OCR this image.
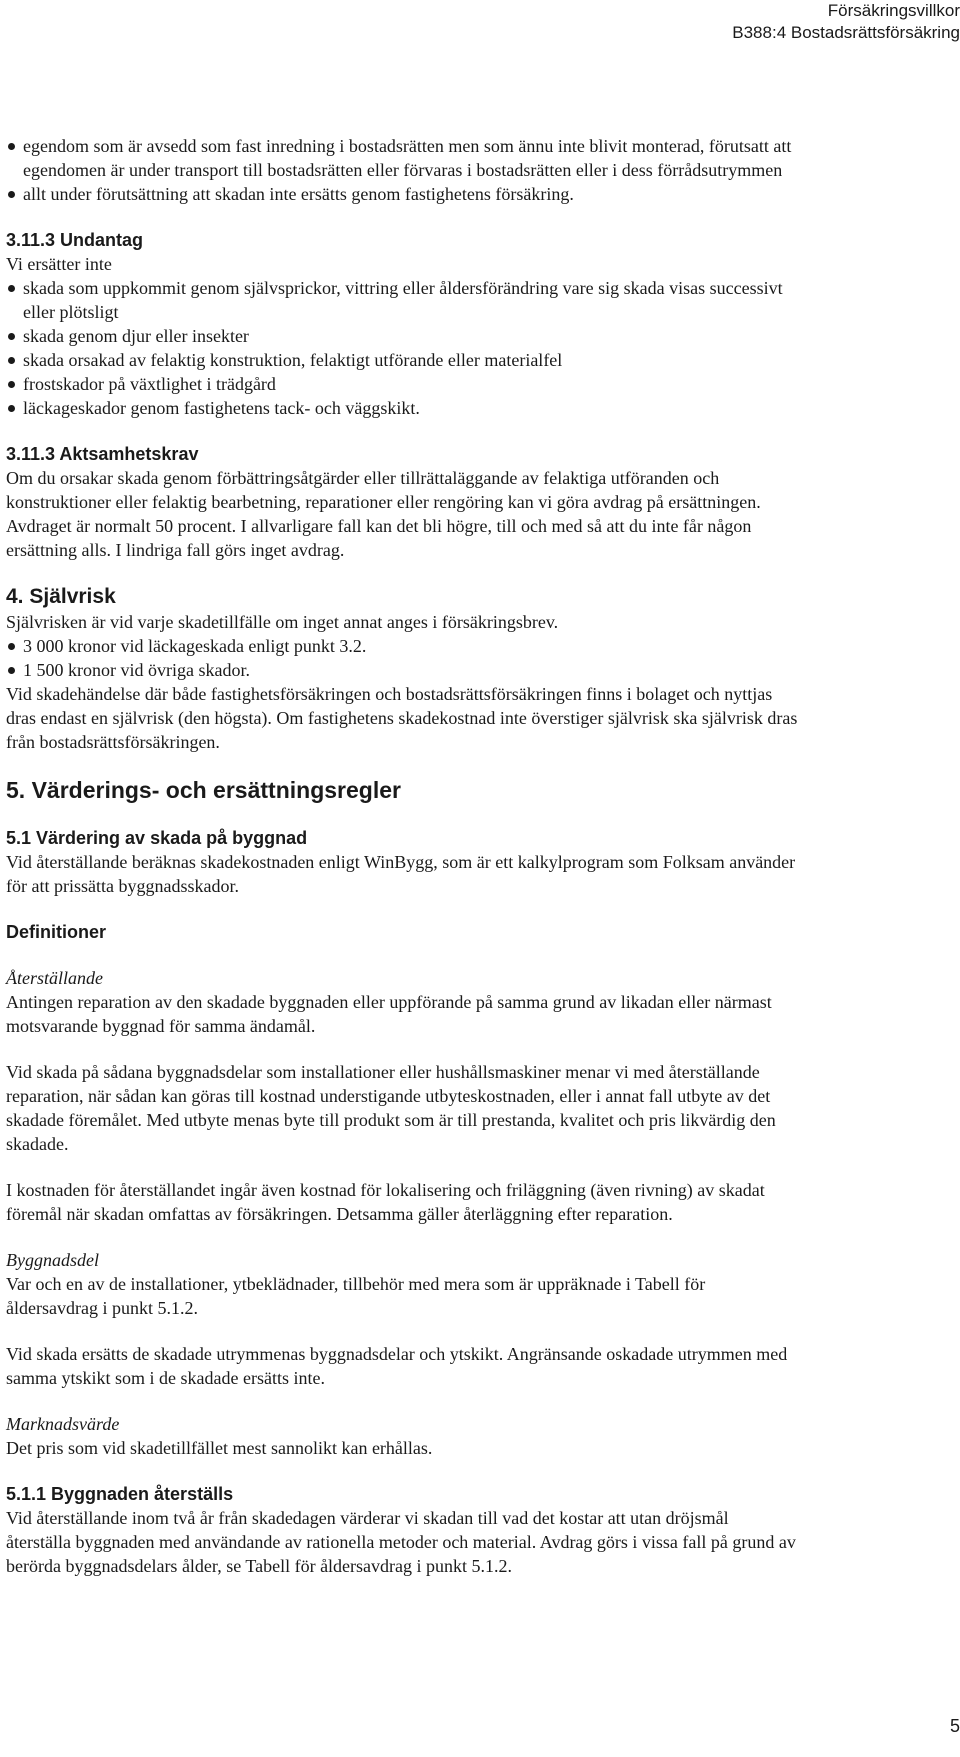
Försäkringsvillkor
B388:4 Bostadsrättsförsäkring

egendom som är avsedd som fast inredning i bostadsrätten men som ännu inte blivit monterad, förutsatt att egendomen är under transport till bostadsrätten eller förvaras i bostadsrätten eller i dess förrådsutrymmen

allt under förutsättning att skadan inte ersätts genom fastighetens försäkring.

3.11.3 Undantag

Vi ersätter inte

skada som uppkommit genom självsprickor, vittring eller åldersförändring vare sig skada visas successivt eller plötsligt

skada genom djur eller insekter

skada orsakad av felaktig konstruktion, felaktigt utförande eller materialfel

frostskador på växtlighet i trädgård

läckageskador genom fastighetens tack- och väggskikt.

3.11.3 Aktsamhetskrav

Om du orsakar skada genom förbättringsåtgärder eller tillrättaläggande av felaktiga utföranden och konstruktioner eller felaktig bearbetning, reparationer eller rengöring kan vi göra avdrag på ersättningen. Avdraget är normalt 50 procent. I allvarligare fall kan det bli högre, till och med så att du inte får någon ersättning alls. I lindriga fall görs inget avdrag.

4. Självrisk

Självrisken är vid varje skadetillfälle om inget annat anges i försäkringsbrev.

3 000 kronor vid läckageskada enligt punkt 3.2.

1 500 kronor vid övriga skador.

Vid skadehändelse där både fastighetsförsäkringen och bostadsrättsförsäkringen finns i bolaget och nyttjas dras endast en självrisk (den högsta). Om fastighetens skadekostnad inte överstiger självrisk ska självrisk dras från bostadsrättsförsäkringen.

5. Värderings- och ersättningsregler

5.1 Värdering av skada på byggnad

Vid återställande beräknas skadekostnaden enligt WinBygg, som är ett kalkylprogram som Folksam använder för att prissätta byggnadsskador.

Definitioner

Återställande

Antingen reparation av den skadade byggnaden eller uppförande på samma grund av likadan eller närmast motsvarande byggnad för samma ändamål.

Vid skada på sådana byggnadsdelar som installationer eller hushållsmaskiner menar vi med återställande reparation, när sådan kan göras till kostnad understigande utbyteskostnaden, eller i annat fall utbyte av det skadade föremålet. Med utbyte menas byte till produkt som är till prestanda, kvalitet och pris likvärdig den skadade.

I kostnaden för återställandet ingår även kostnad för lokalisering och friläggning (även rivning) av skadat föremål när skadan omfattas av försäkringen. Detsamma gäller återläggning efter reparation.

Byggnadsdel

Var och en av de installationer, ytbeklädnader, tillbehör med mera som är uppräknade i Tabell för åldersavdrag i punkt 5.1.2.

Vid skada ersätts de skadade utrymmenas byggnadsdelar och ytskikt. Angränsande oskadade utrymmen med samma ytskikt som i de skadade ersätts inte.

Marknadsvärde

Det pris som vid skadetillfället mest sannolikt kan erhållas.

5.1.1 Byggnaden återställs

Vid återställande inom två år från skadedagen värderar vi skadan till vad det kostar att utan dröjsmål återställa byggnaden med användande av rationella metoder och material. Avdrag görs i vissa fall på grund av berörda byggnadsdelars ålder, se Tabell för åldersavdrag i punkt 5.1.2.

5
